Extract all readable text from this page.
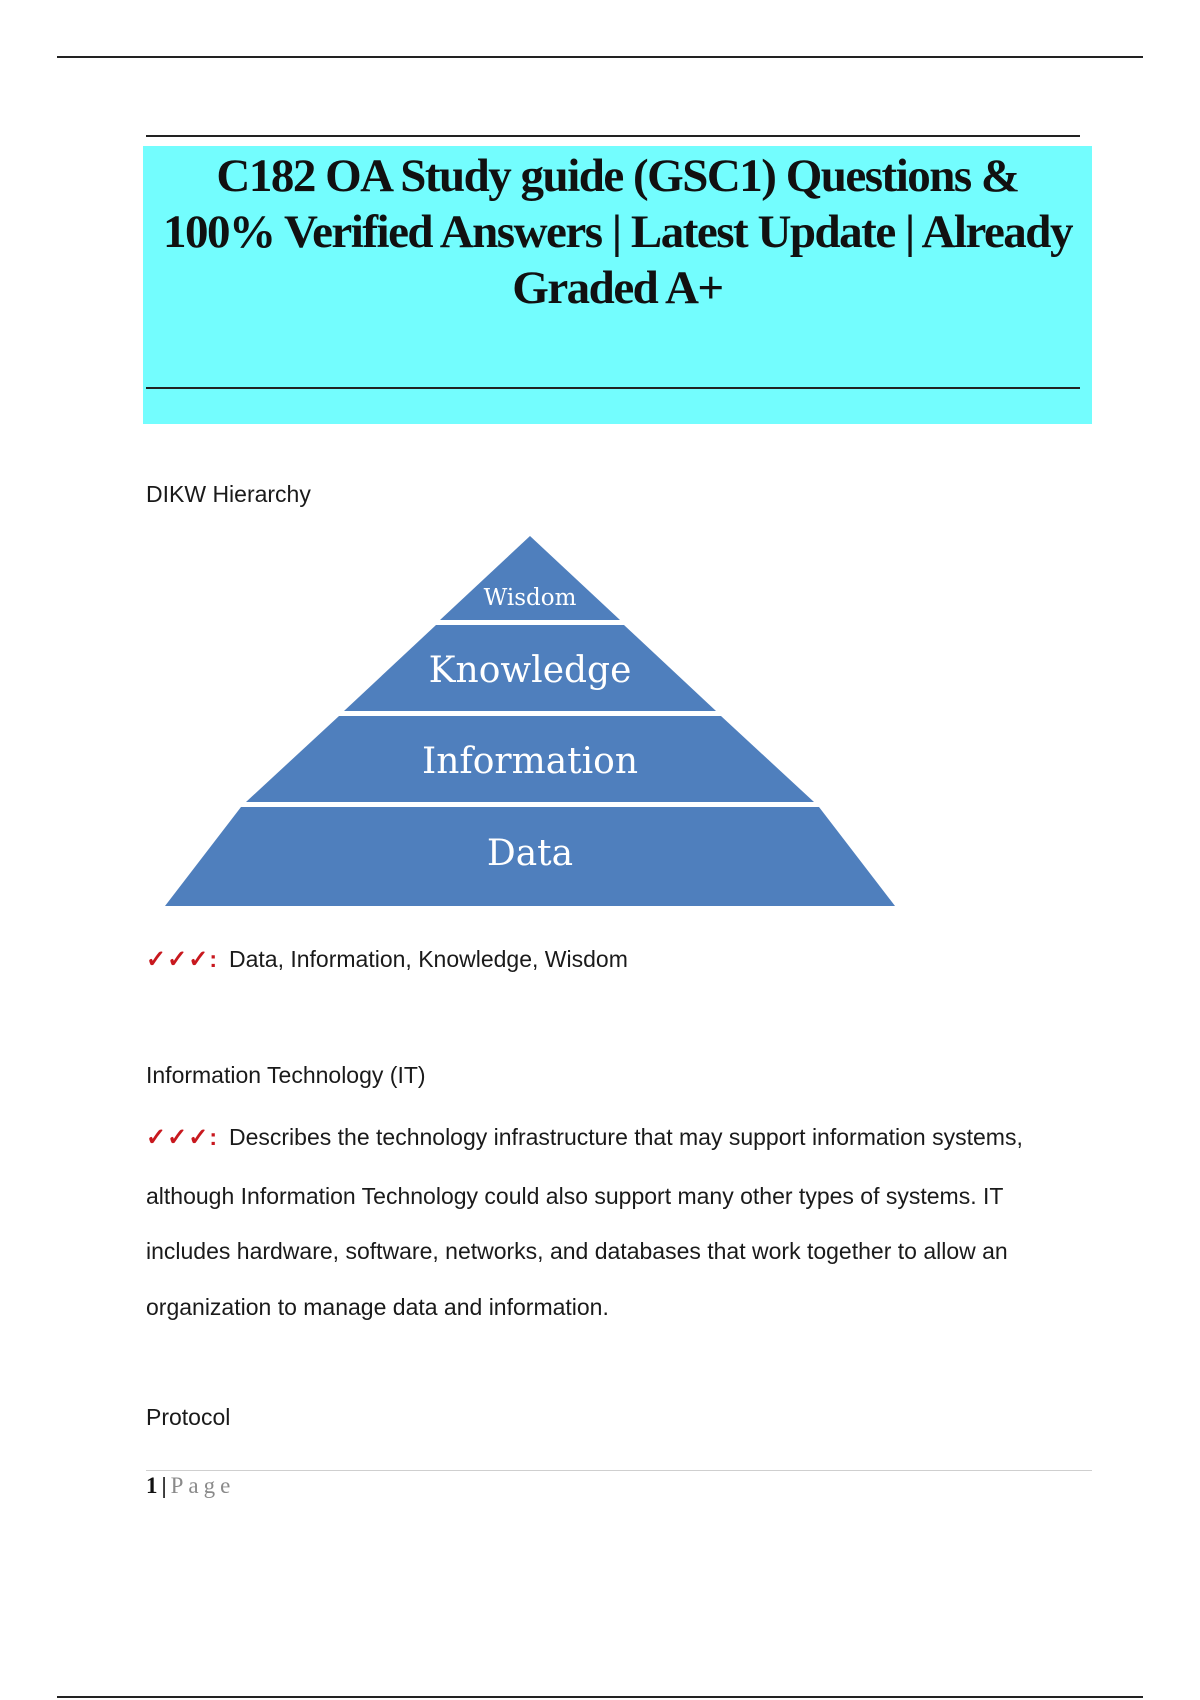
C182 OA Study guide (GSC1) Questions &
100% Verified Answers | Latest Update | Already
Graded A+
DIKW Hierarchy
Wisdom
Knowledge
Information
Data
✓✓✓: Data, Information, Knowledge, Wisdom
Information Technology (IT)
✓✓✓: Describes the technology infrastructure that may support information systems,
although Information Technology could also support many other types of systems. IT
includes hardware, software, networks, and databases that work together to allow an
organization to manage data and information.
Protocol
1 | Page
